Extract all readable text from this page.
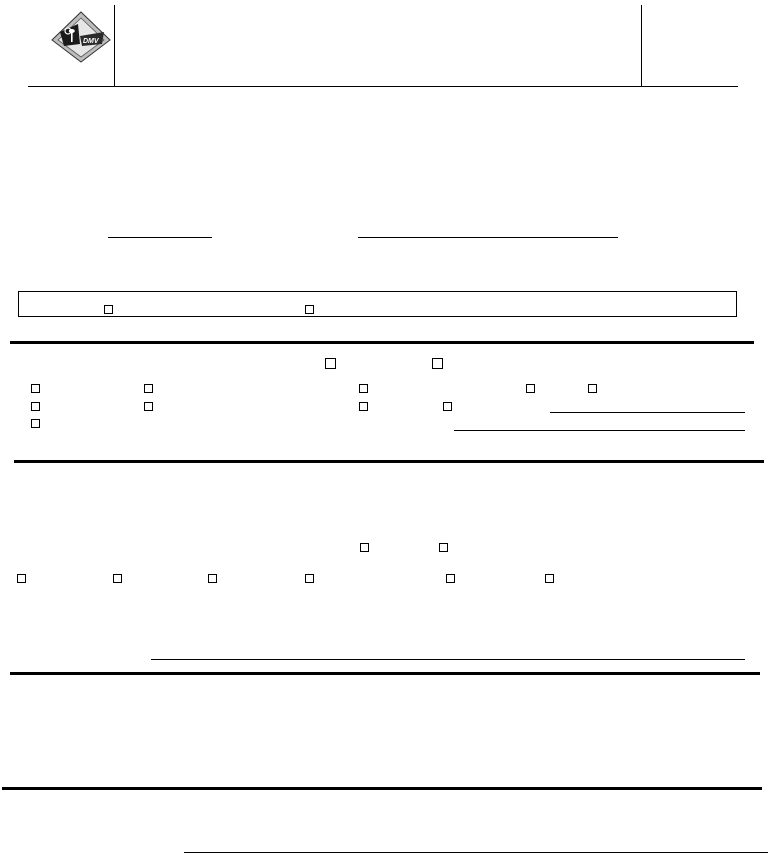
DMV
